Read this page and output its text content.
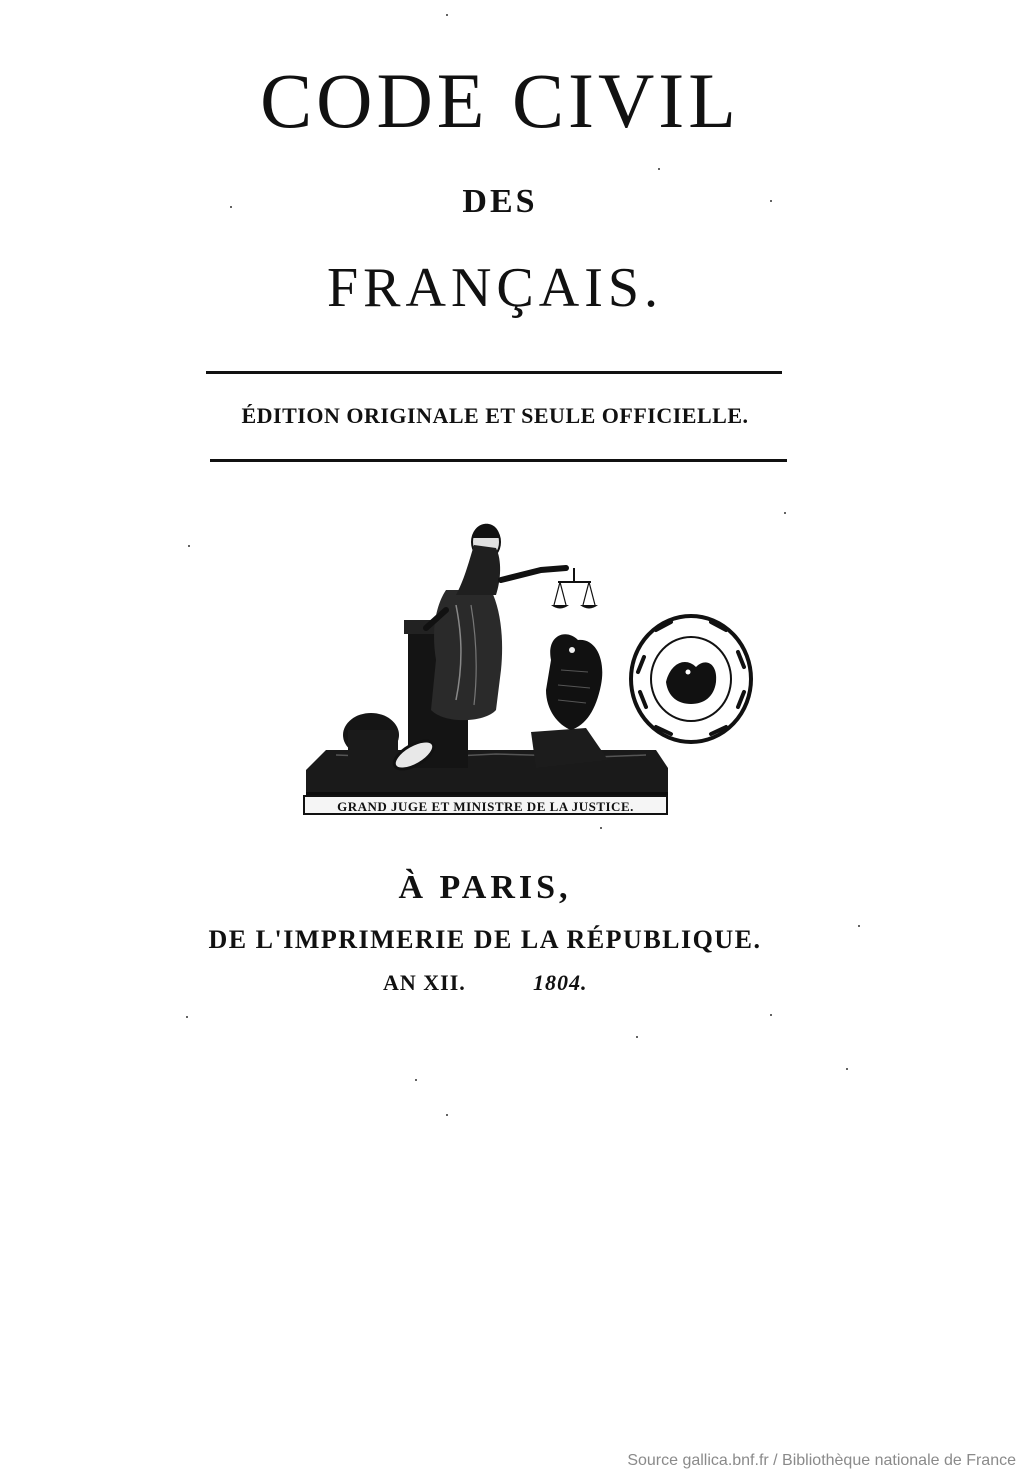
CODE CIVIL
DES
FRANÇAIS.
ÉDITION ORIGINALE ET SEULE OFFICIELLE.
GRAND JUGE ET MINISTRE DE LA JUSTICE.
À PARIS,
DE L'IMPRIMERIE DE LA RÉPUBLIQUE.
AN XII.	1804.
Source gallica.bnf.fr / Bibliothèque nationale de France
